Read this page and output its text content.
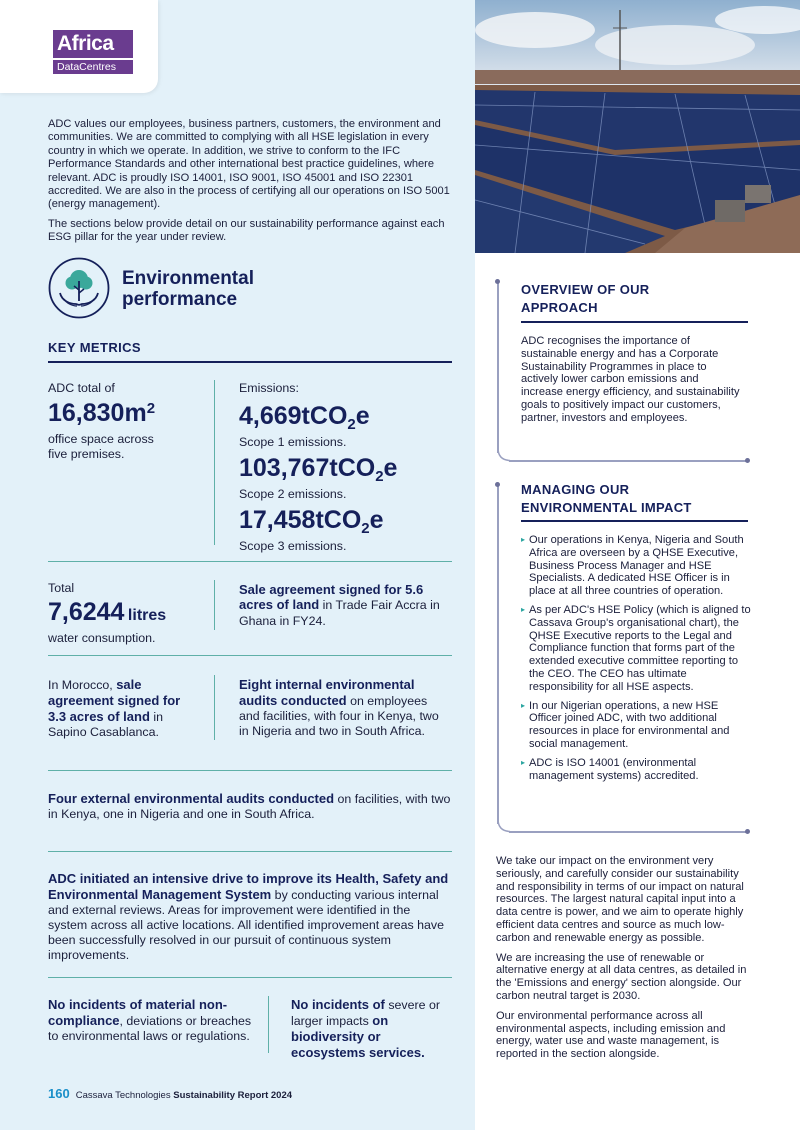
Africa
DataCentres

ADC values our employees, business partners, customers, the environment and communities. We are committed to complying with all HSE legislation in every country in which we operate. In addition, we strive to conform to the IFC Performance Standards and other international best practice guidelines, where relevant. ADC is proudly ISO 14001, ISO 9001, ISO 45001 and ISO 22301 accredited. We are also in the process of certifying all our operations on ISO 5001 (energy management).

The sections below provide detail on our sustainability performance against each ESG pillar for the year under review.

Environmental
performance
KEY METRICS
ADC total of
$16,830m^2$
office space across five premises.
Emissions:
4,669tCO$_2$e
Scope 1 emissions.
103,767tCO$_2$e
Scope 2 emissions.
17,458tCO$_2$e
Scope 3 emissions.
Total
7,6244 litres
water consumption.
Sale agreement signed for 5.6 acres of land in Trade Fair Accra in Ghana in FY24.
In Morocco, sale agreement signed for 3.3 acres of land in Sapino Casablanca.
Eight internal environmental audits conducted on employees and facilities, with four in Kenya, two in Nigeria and two in South Africa.
Four external environmental audits conducted on facilities, with two in Kenya, one in Nigeria and one in South Africa.
ADC initiated an intensive drive to improve its Health, Safety and Environmental Management System by conducting various internal and external reviews. Areas for improvement were identified in the system across all active locations. All identified improvement areas have been successfully resolved in our pursuit of continuous system improvements.
No incidents of material non-compliance, deviations or breaches to environmental laws or regulations.
No incidents of severe or larger impacts on biodiversity or ecosystems services.
160 Cassava Technologies Sustainability Report 2024
OVERVIEW OF OUR
APPROACH
ADC recognises the importance of sustainable energy and has a Corporate Sustainability Programmes in place to actively lower carbon emissions and increase energy efficiency, and sustainability goals to positively impact our customers, partner, investors and employees.
MANAGING OUR
ENVIRONMENTAL IMPACT
▸ Our operations in Kenya, Nigeria and South Africa are overseen by a QHSE Executive, Business Process Manager and HSE Specialists. A dedicated HSE Officer is in place at all three countries of operation.
▸ As per ADC's HSE Policy (which is aligned to Cassava Group's organisational chart), the QHSE Executive reports to the Legal and Compliance function that forms part of the extended executive committee reporting to the CEO. The CEO has ultimate responsibility for all HSE aspects.
▸ In our Nigerian operations, a new HSE Officer joined ADC, with two additional resources in place for environmental and social management.
▸ ADC is ISO 14001 (environmental management systems) accredited.

We take our impact on the environment very seriously, and carefully consider our sustainability and responsibility in terms of our impact on natural resources. The largest natural capital input into a data centre is power, and we aim to operate highly efficient data centres and source as much low-carbon and renewable energy as possible.

We are increasing the use of renewable or alternative energy at all data centres, as detailed in the 'Emissions and energy' section alongside. Our carbon neutral target is 2030.

Our environmental performance across all environmental aspects, including emission and energy, water use and waste management, is reported in the section alongside.
